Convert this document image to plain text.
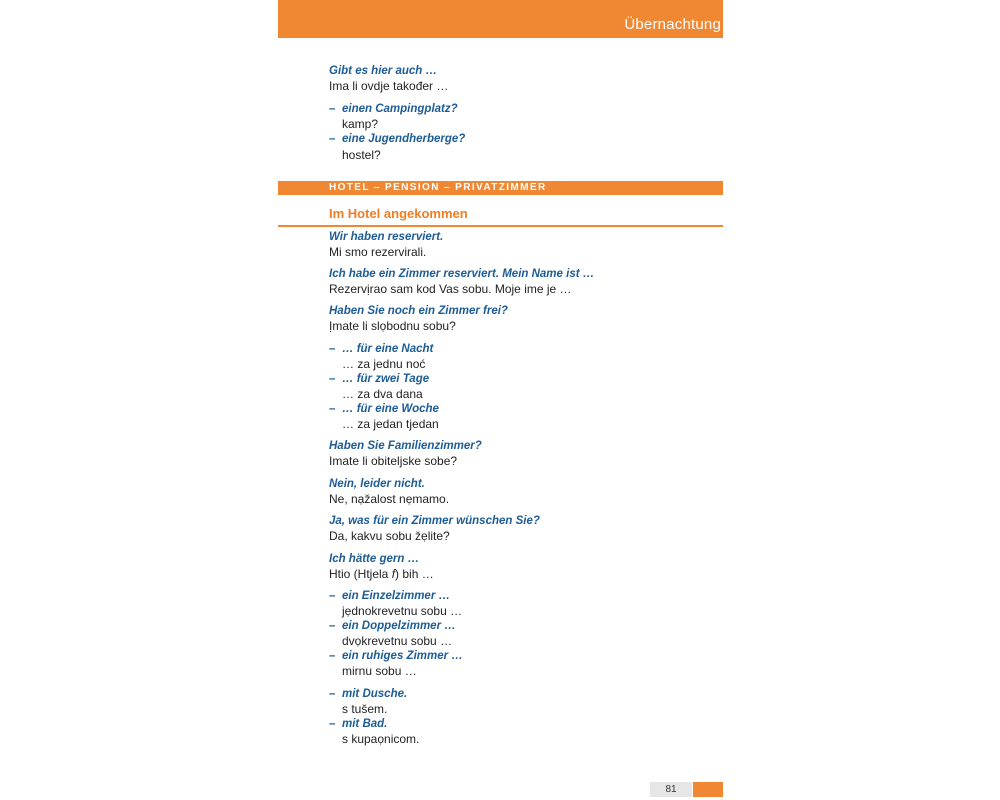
Übernachtung
Gibt es hier auch …
Ima li ovdje također …
– einen Campingplatz?
kamp?
– eine Jugendherberge?
hostel?
HOTEL – PENSION – PRIVATZIMMER
Im Hotel angekommen
Wir haben reserviert.
Mi smo rezervirali.
Ich habe ein Zimmer reserviert. Mein Name ist …
Rezervịrao sam kod Vas sobu. Moje ime je …
Haben Sie noch ein Zimmer frei?
Ịmate li slọbodnu sobu?
– … für eine Nacht
… za jednu noć
– … für zwei Tage
… za dva dana
– … für eine Woche
… za jedan tjedan
Haben Sie Familienzimmer?
Imate li obiteljske sobe?
Nein, leider nicht.
Ne, nạžalost nẹmamo.
Ja, was für ein Zimmer wünschen Sie?
Da, kakvu sobu žẹlite?
Ich hätte gern …
Htio (Htjela f) bih …
– ein Einzelzimmer …
jẹdnokrevetnu sobu …
– ein Doppelzimmer …
dvọkrevetnu sobu …
– ein ruhiges Zimmer …
mirnu sobu …
– mit Dusche.
s tušem.
– mit Bad.
s kupaọnicom.
81
